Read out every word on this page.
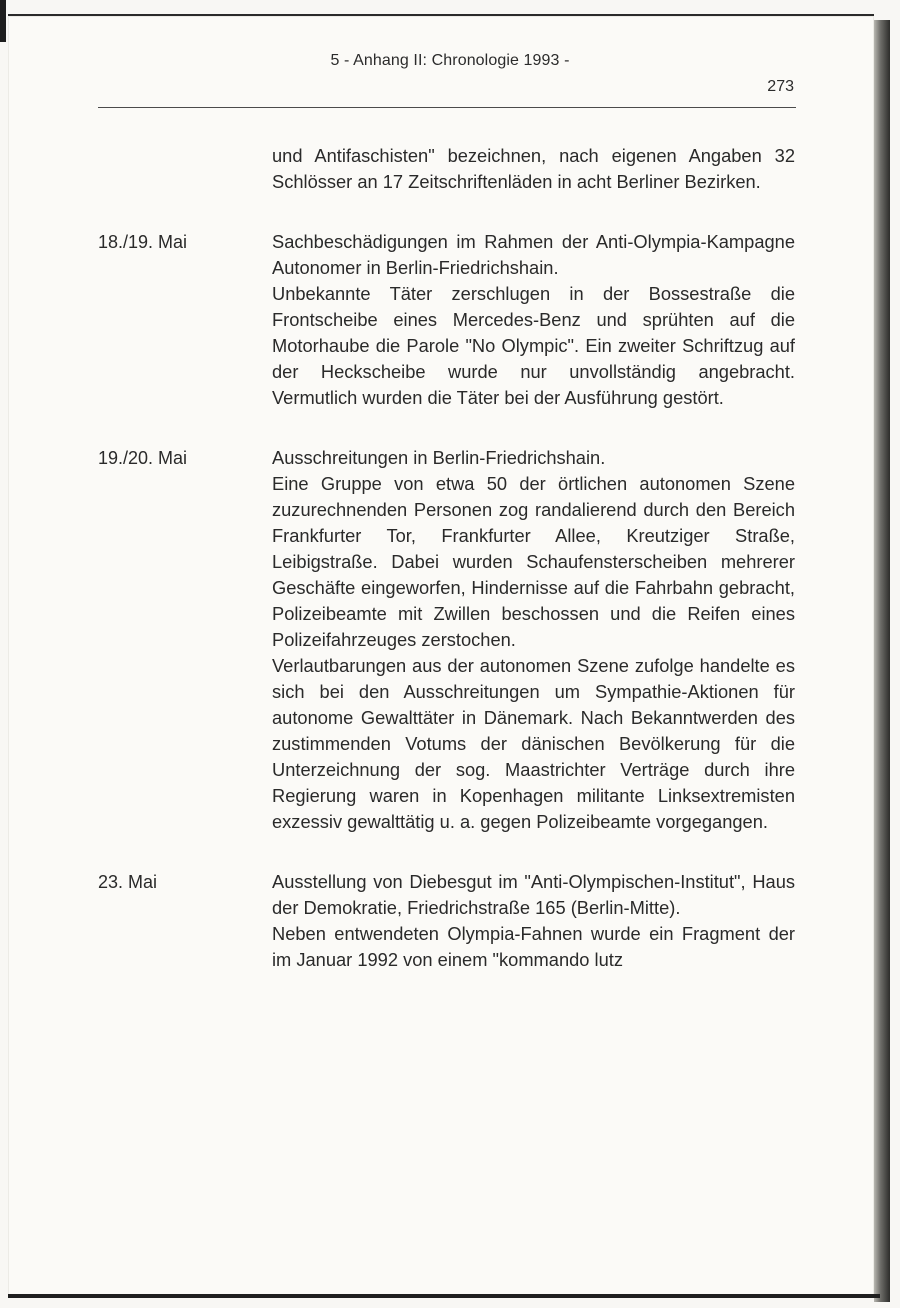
5 - Anhang II: Chronologie 1993 -
273

und Antifaschisten" bezeichnen, nach eigenen Angaben 32 Schlösser an 17 Zeitschriftenläden in acht Berliner Bezirken.

18./19. Mai	Sachbeschädigungen im Rahmen der Anti-Olympia-Kampagne Autonomer in Berlin-Friedrichshain.

Unbekannte Täter zerschlugen in der Bossestraße die Frontscheibe eines Mercedes-Benz und sprühten auf die Motorhaube die Parole "No Olympic". Ein zweiter Schriftzug auf der Heckscheibe wurde nur unvollständig angebracht. Vermutlich wurden die Täter bei der Ausführung gestört.

19./20. Mai	Ausschreitungen in Berlin-Friedrichshain.

Eine Gruppe von etwa 50 der örtlichen autonomen Szene zuzurechnenden Personen zog randalierend durch den Bereich Frankfurter Tor, Frankfurter Allee, Kreutziger Straße, Leibigstraße. Dabei wurden Schaufensterscheiben mehrerer Geschäfte eingeworfen, Hindernisse auf die Fahrbahn gebracht, Polizeibeamte mit Zwillen beschossen und die Reifen eines Polizeifahrzeuges zerstochen.

Verlautbarungen aus der autonomen Szene zufolge handelte es sich bei den Ausschreitungen um Sympathie-Aktionen für autonome Gewalttäter in Dänemark. Nach Bekanntwerden des zustimmenden Votums der dänischen Bevölkerung für die Unterzeichnung der sog. Maastrichter Verträge durch ihre Regierung waren in Kopenhagen militante Linksextremisten exzessiv gewalttätig u. a. gegen Polizeibeamte vorgegangen.

23. Mai	Ausstellung von Diebesgut im "Anti-Olympischen-Institut", Haus der Demokratie, Friedrichstraße 165 (Berlin-Mitte).

Neben entwendeten Olympia-Fahnen wurde ein Fragment der im Januar 1992 von einem "kommando lutz
